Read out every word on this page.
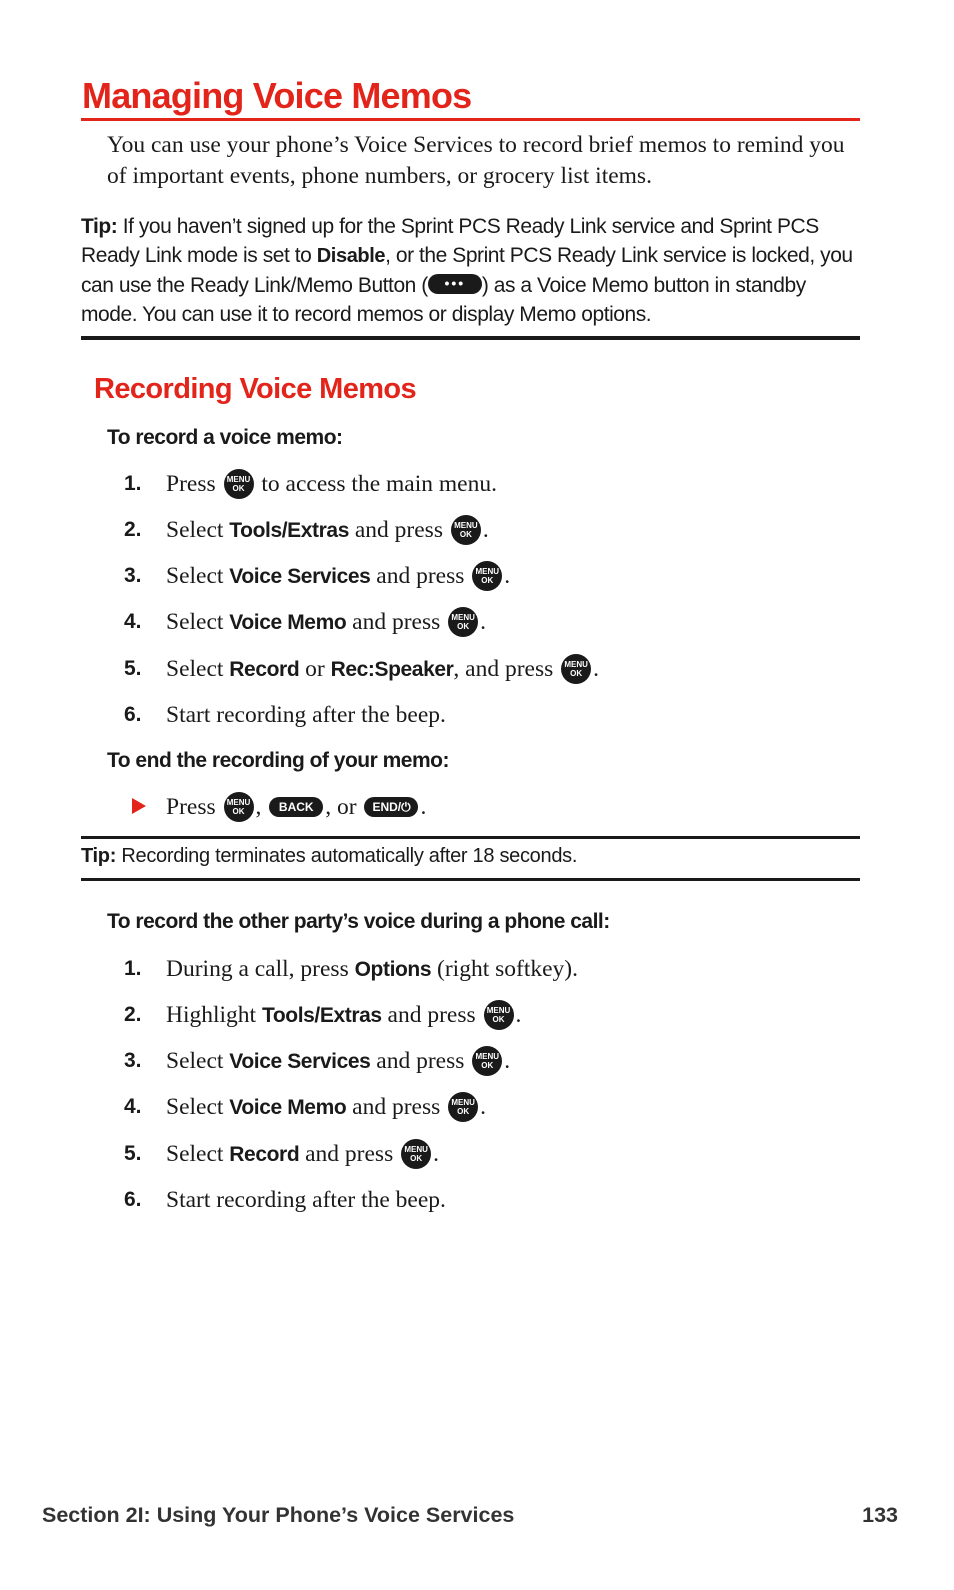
Managing Voice Memos

You can use your phone’s Voice Services to record brief memos to remind you of important events, phone numbers, or grocery list items.

Tip: If you haven’t signed up for the Sprint PCS Ready Link service and Sprint PCS Ready Link mode is set to Disable, or the Sprint PCS Ready Link service is locked, you can use the Ready Link/Memo Button ( ••• ) as a Voice Memo button in standby mode. You can use it to record memos or display Memo options.
Recording Voice Memos

To record a voice memo:

1. Press MENU
OK to access the main menu.
2. Select Tools/Extras and press MENU
OK .
3. Select Voice Services and press MENU
OK .
4. Select Voice Memo and press MENU
OK .
5. Select Record or Rec:Speaker, and press MENU
OK .
6. Start recording after the beep.

To end the recording of your memo:

Press MENU
OK , BACK , or END/⏻ .
Tip: Recording terminates automatically after 18 seconds.

To record the other party’s voice during a phone call:

1. During a call, press Options (right softkey).
2. Highlight Tools/Extras and press MENU
OK .
3. Select Voice Services and press MENU
OK .
4. Select Voice Memo and press MENU
OK .
5. Select Record and press MENU
OK .
6. Start recording after the beep.

Section 2I: Using Your Phone’s Voice Services	133
